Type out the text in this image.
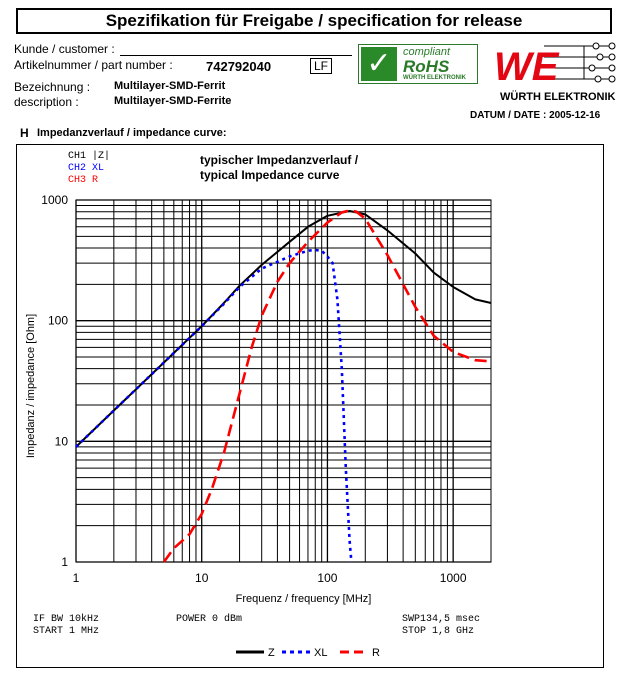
Spezifikation für Freigabe / specification for release
Kunde / customer :
Artikelnummer / part number :	742792040	LF
Bezeichnung : Multilayer-SMD-Ferrit
description :	Multilayer-SMD-Ferrite
✓	compliant
RoHS
WÜRTH ELEKTRONIK WE
WÜRTH ELEKTRONIK
DATUM / DATE : 2005-12-16
H Impedanzverlauf / impedance curve:
CH1 |Z|
CH2 XL
CH3 R
typischer Impedanzverlauf /
typical Impedance curve
1	10	100	1000
1
10
100
1000
Frequenz / frequency [MHz]
Impedanz / impedance [Ohm]
Z	XL	R
IF BW 10kHz
START 1 MHz
POWER 0 dBm	SWP134,5 msec
STOP 1,8 GHz
